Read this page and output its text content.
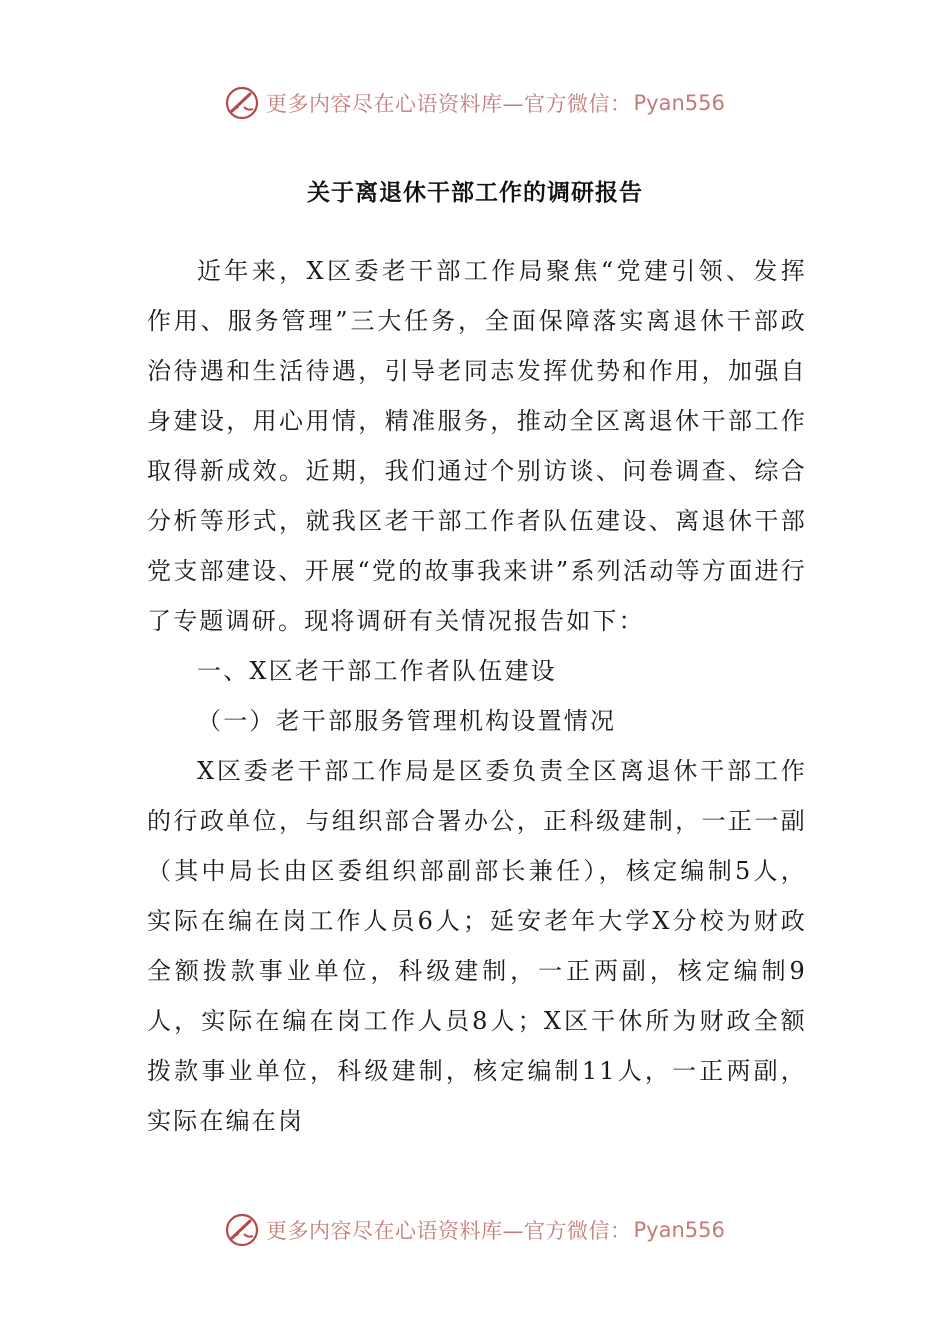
更多内容尽在心语资料库—官方微信： Pyan556
关于离退休干部工作的调研报告

近年来，X区委老干部工作局聚焦“党建引领、发挥作用、服务管理”三大任务，全面保障落实离退休干部政治待遇和生活待遇，引导老同志发挥优势和作用，加强自身建设，用心用情，精准服务，推动全区离退休干部工作取得新成效。近期，我们通过个别访谈、问卷调查、综合分析等形式，就我区老干部工作者队伍建设、离退休干部党支部建设、开展“党的故事我来讲”系列活动等方面进行了专题调研。现将调研有关情况报告如下：

一、X区老干部工作者队伍建设

（一）老干部服务管理机构设置情况

X区委老干部工作局是区委负责全区离退休干部工作的行政单位，与组织部合署办公，正科级建制，一正一副（其中局长由区委组织部副部长兼任），核定编制5人，实际在编在岗工作人员6人；延安老年大学X分校为财政全额拨款事业单位，科级建制，一正两副，核定编制9人，实际在编在岗工作人员8人；X区干休所为财政全额拨款事业单位，科级建制，核定编制11人，一正两副，实际在编在岗

更多内容尽在心语资料库—官方微信： Pyan556
